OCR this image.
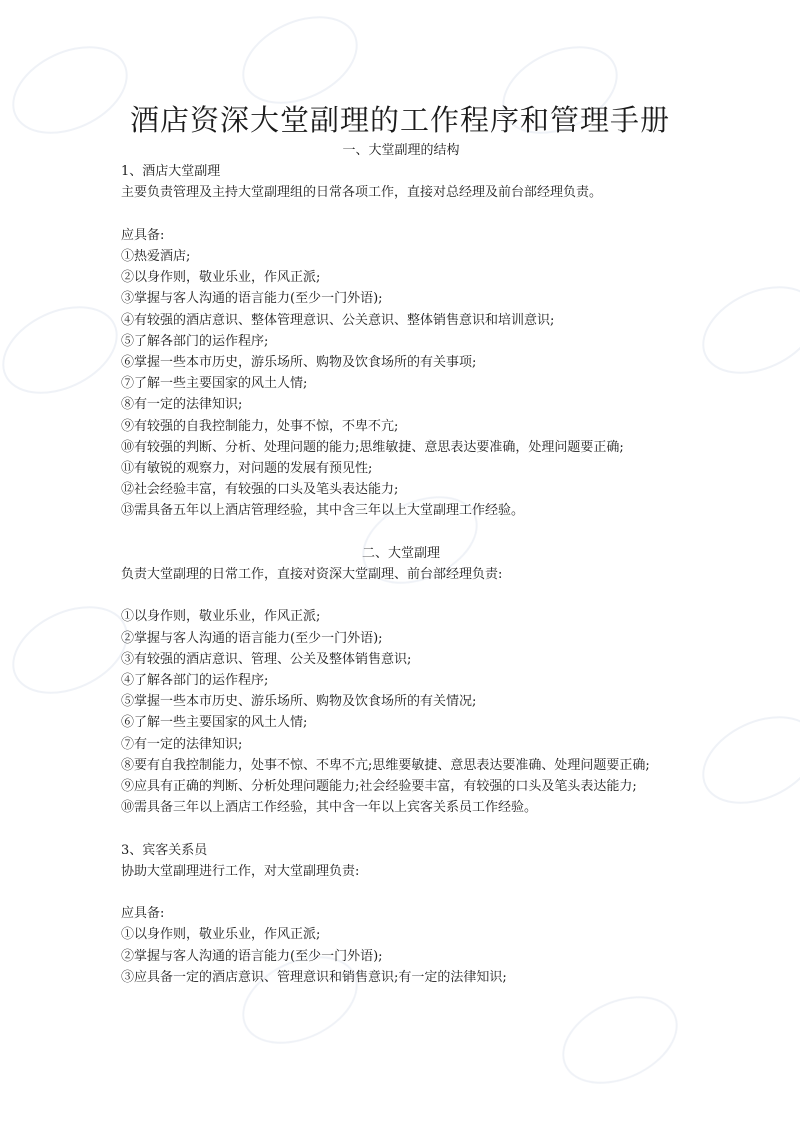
酒店资深大堂副理的工作程序和管理手册

一、大堂副理的结构

1、酒店大堂副理

主要负责管理及主持大堂副理组的日常各项工作，直接对总经理及前台部经理负责。

应具备:

①热爱酒店;

②以身作则，敬业乐业，作风正派;

③掌握与客人沟通的语言能力(至少一门外语);

④有较强的酒店意识、整体管理意识、公关意识、整体销售意识和培训意识;

⑤了解各部门的运作程序;

⑥掌握一些本市历史，游乐场所、购物及饮食场所的有关事项;

⑦了解一些主要国家的风土人情;

⑧有一定的法律知识;

⑨有较强的自我控制能力，处事不惊，不卑不亢;

⑩有较强的判断、分析、处理问题的能力;思维敏捷、意思表达要准确，处理问题要正确;

⑪有敏锐的观察力，对问题的发展有预见性;

⑫社会经验丰富，有较强的口头及笔头表达能力;

⑬需具备五年以上酒店管理经验，其中含三年以上大堂副理工作经验。

二、大堂副理

负责大堂副理的日常工作，直接对资深大堂副理、前台部经理负责:

①以身作则，敬业乐业，作风正派;

②掌握与客人沟通的语言能力(至少一门外语);

③有较强的酒店意识、管理、公关及整体销售意识;

④了解各部门的运作程序;

⑤掌握一些本市历史、游乐场所、购物及饮食场所的有关情况;

⑥了解一些主要国家的风土人情;

⑦有一定的法律知识;

⑧要有自我控制能力，处事不惊、不卑不亢;思维要敏捷、意思表达要准确、处理问题要正确;

⑨应具有正确的判断、分析处理问题能力;社会经验要丰富，有较强的口头及笔头表达能力;

⑩需具备三年以上酒店工作经验，其中含一年以上宾客关系员工作经验。

3、宾客关系员

协助大堂副理进行工作，对大堂副理负责:

应具备:

①以身作则，敬业乐业，作风正派;

②掌握与客人沟通的语言能力(至少一门外语);

③应具备一定的酒店意识、管理意识和销售意识;有一定的法律知识;
